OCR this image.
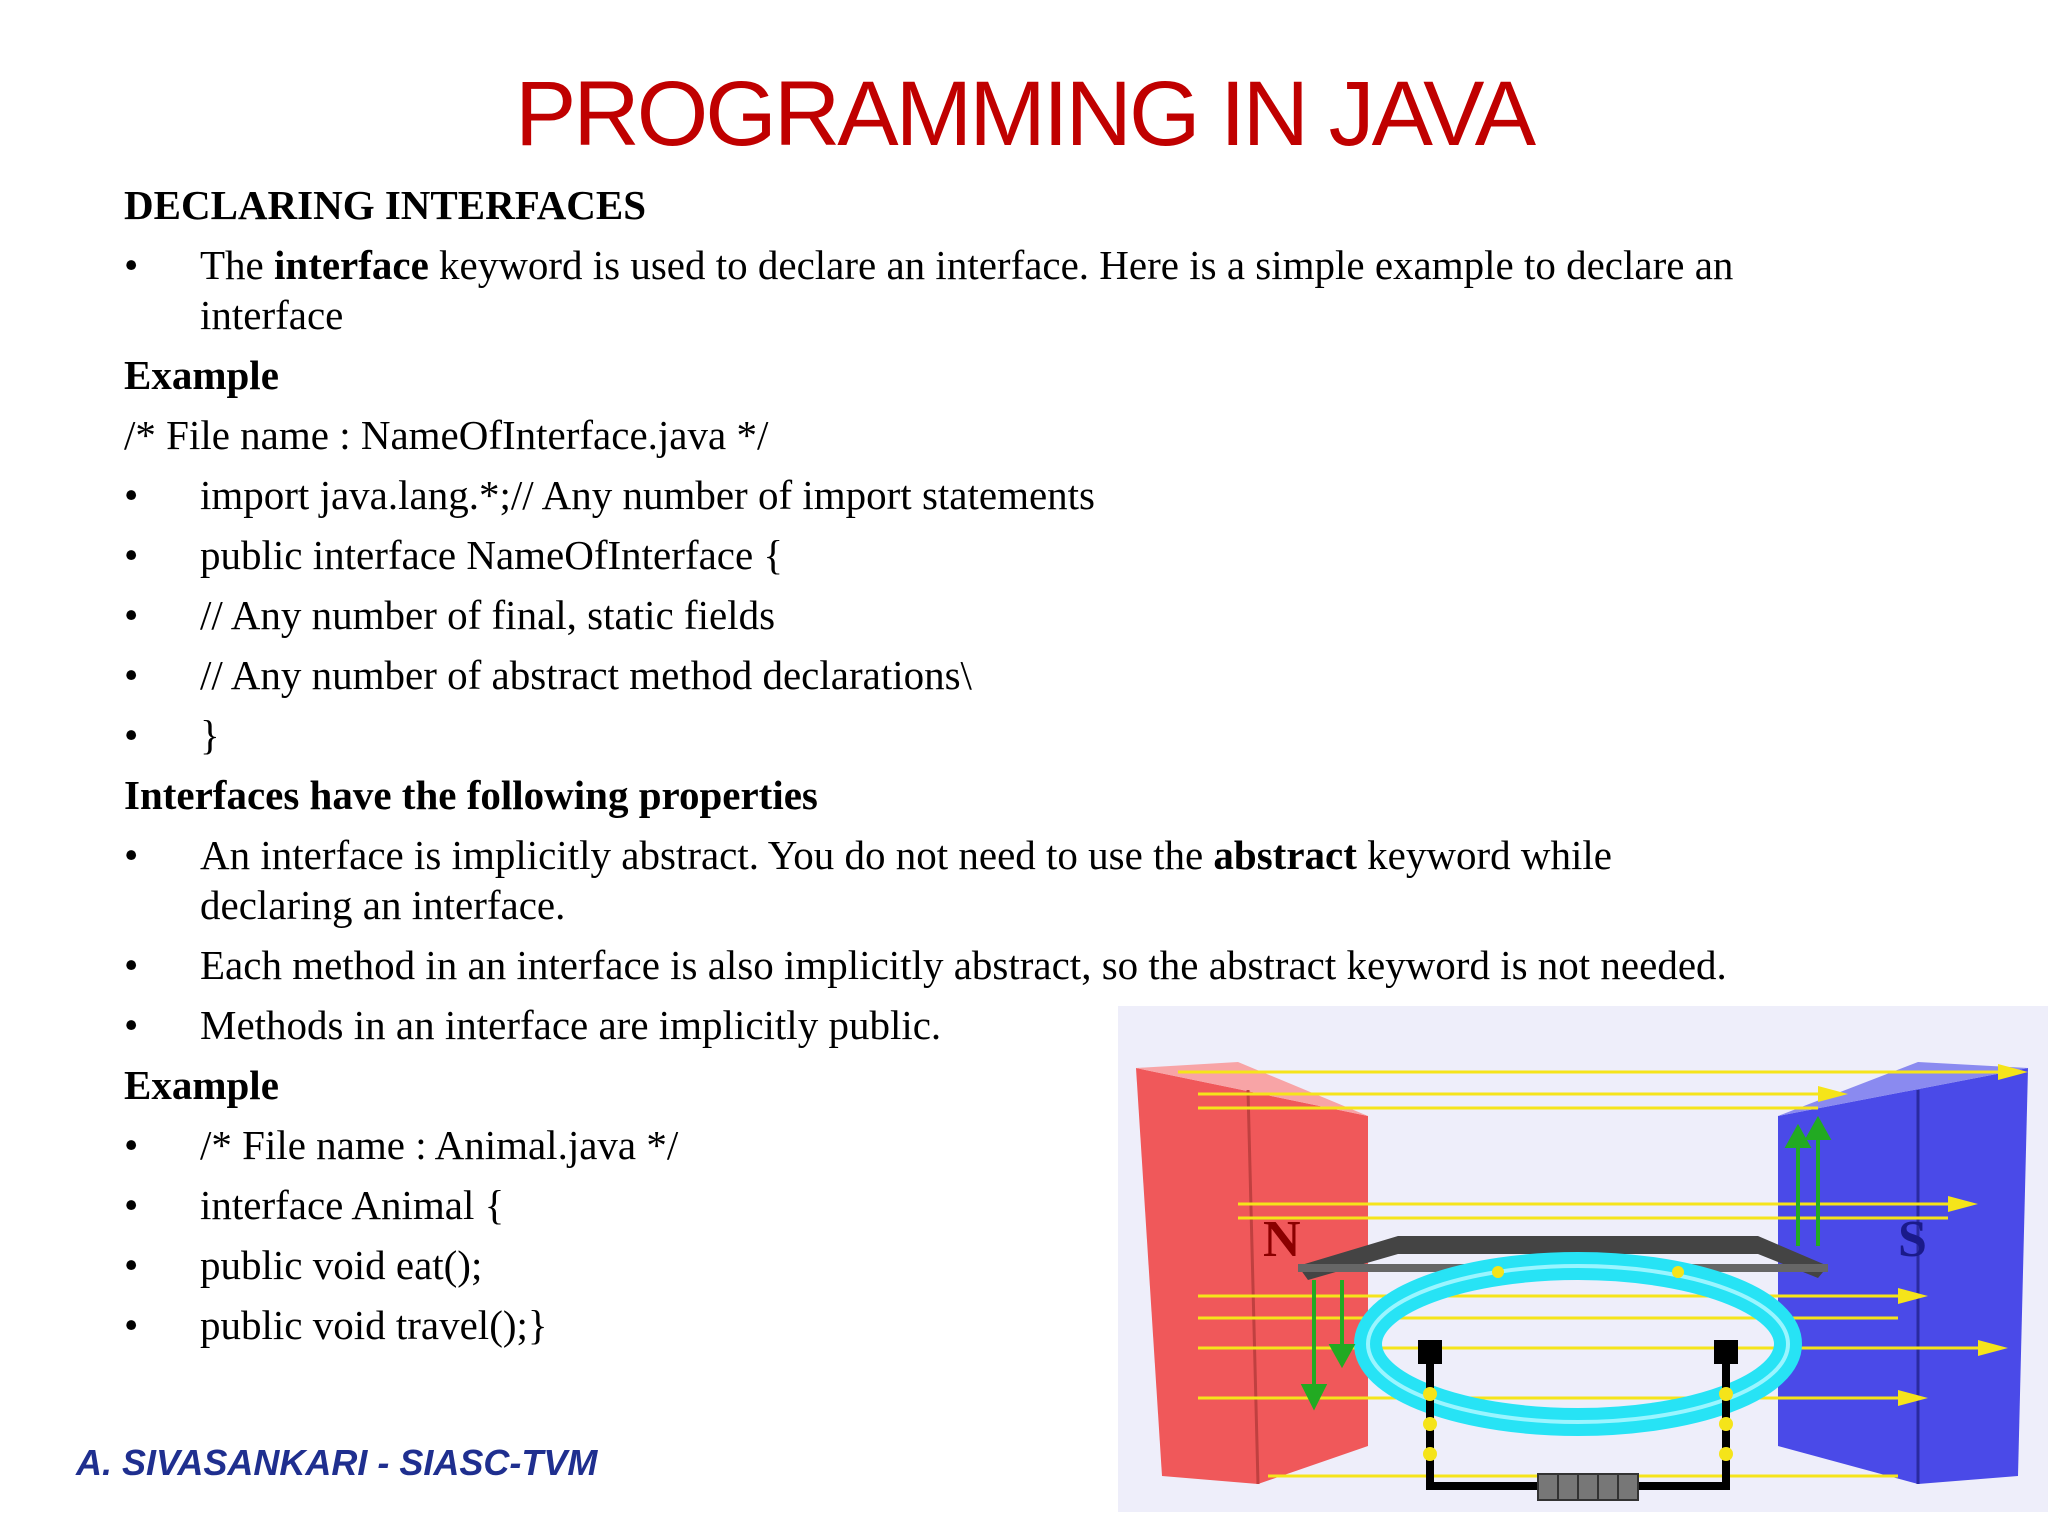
PROGRAMMING IN JAVA
DECLARING INTERFACES
• The interface keyword is used to declare an interface. Here is a simple example to declare an
interface
Example
/* File name : NameOfInterface.java */
• import java.lang.*;// Any number of import statements
• public interface NameOfInterface {
• // Any number of final, static fields
• // Any number of abstract method declarations\
• }
Interfaces have the following properties
• An interface is implicitly abstract. You do not need to use the abstract keyword while
declaring an interface.
• Each method in an interface is also implicitly abstract, so the abstract keyword is not needed.
• Methods in an interface are implicitly public.
Example
• /* File name : Animal.java */
• interface Animal {
• public void eat();
• public void travel();}
A. SIVASANKARI - SIASC-TVM
N	S
